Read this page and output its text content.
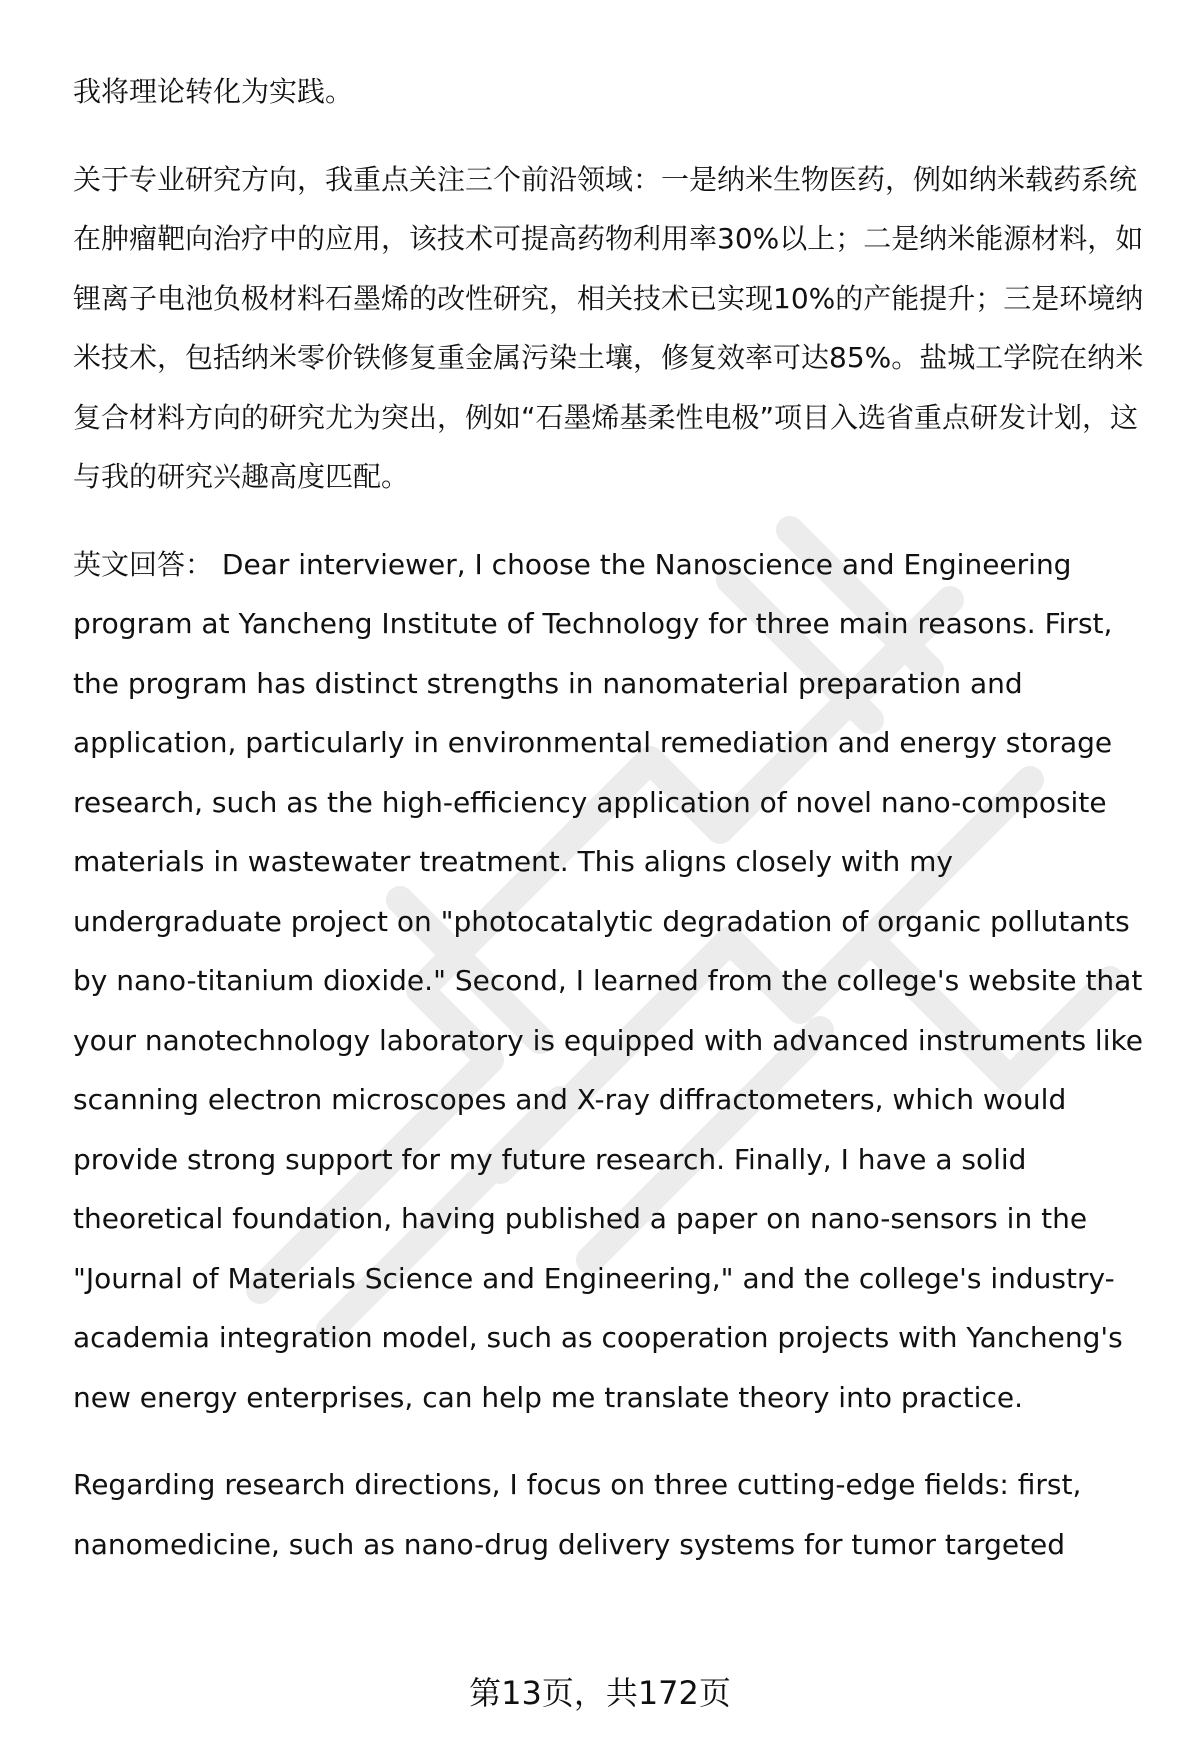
我将理论转化为实践。

关于专业研究方向，我重点关注三个前沿领域：一是纳米生物医药，例如纳米载药系统在肿瘤靶向治疗中的应用，该技术可提高药物利用率30%以上；二是纳米能源材料，如锂离子电池负极材料石墨烯的改性研究，相关技术已实现10%的产能提升；三是环境纳米技术，包括纳米零价铁修复重金属污染土壤，修复效率可达85%。盐城工学院在纳米复合材料方向的研究尤为突出，例如“石墨烯基柔性电极”项目入选省重点研发计划，这与我的研究兴趣高度匹配。

英文回答： Dear interviewer, I choose the Nanoscience and Engineering program at Yancheng Institute of Technology for three main reasons. First, the program has distinct strengths in nanomaterial preparation and application, particularly in environmental remediation and energy storage research, such as the high-efficiency application of novel nano-composite materials in wastewater treatment. This aligns closely with my undergraduate project on "photocatalytic degradation of organic pollutants by nano-titanium dioxide." Second, I learned from the college's website that your nanotechnology laboratory is equipped with advanced instruments like scanning electron microscopes and X-ray diffractometers, which would provide strong support for my future research. Finally, I have a solid theoretical foundation, having published a paper on nano-sensors in the "Journal of Materials Science and Engineering," and the college's industry-academia integration model, such as cooperation projects with Yancheng's new energy enterprises, can help me translate theory into practice.

Regarding research directions, I focus on three cutting-edge fields: first, nanomedicine, such as nano-drug delivery systems for tumor targeted

第13页，共172页
